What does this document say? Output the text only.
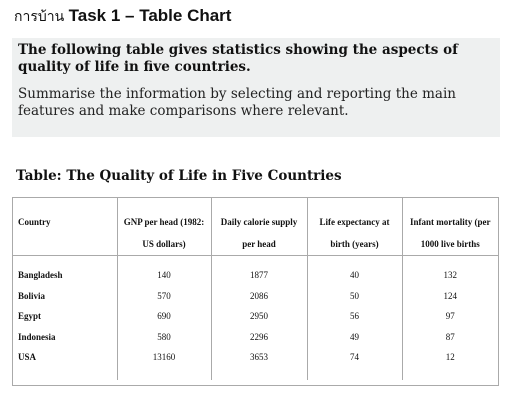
การบ้าน Task 1 – Table Chart

The following table gives statistics showing the aspects of quality of life in five countries.

Summarise the information by selecting and reporting the main features and make comparisons where relevant.

Table: The Quality of Life in Five Countries
Country	GNP per head (1982: US dollars)	Daily calorie supply per head	Life expectancy at birth (years)	Infant mortality (per 1000 live births
Bangladesh	140	1877	40	132
Bolivia	570	2086	50	124
Egypt	690	2950	56	97
Indonesia	580	2296	49	87
USA	13160	3653	74	12
